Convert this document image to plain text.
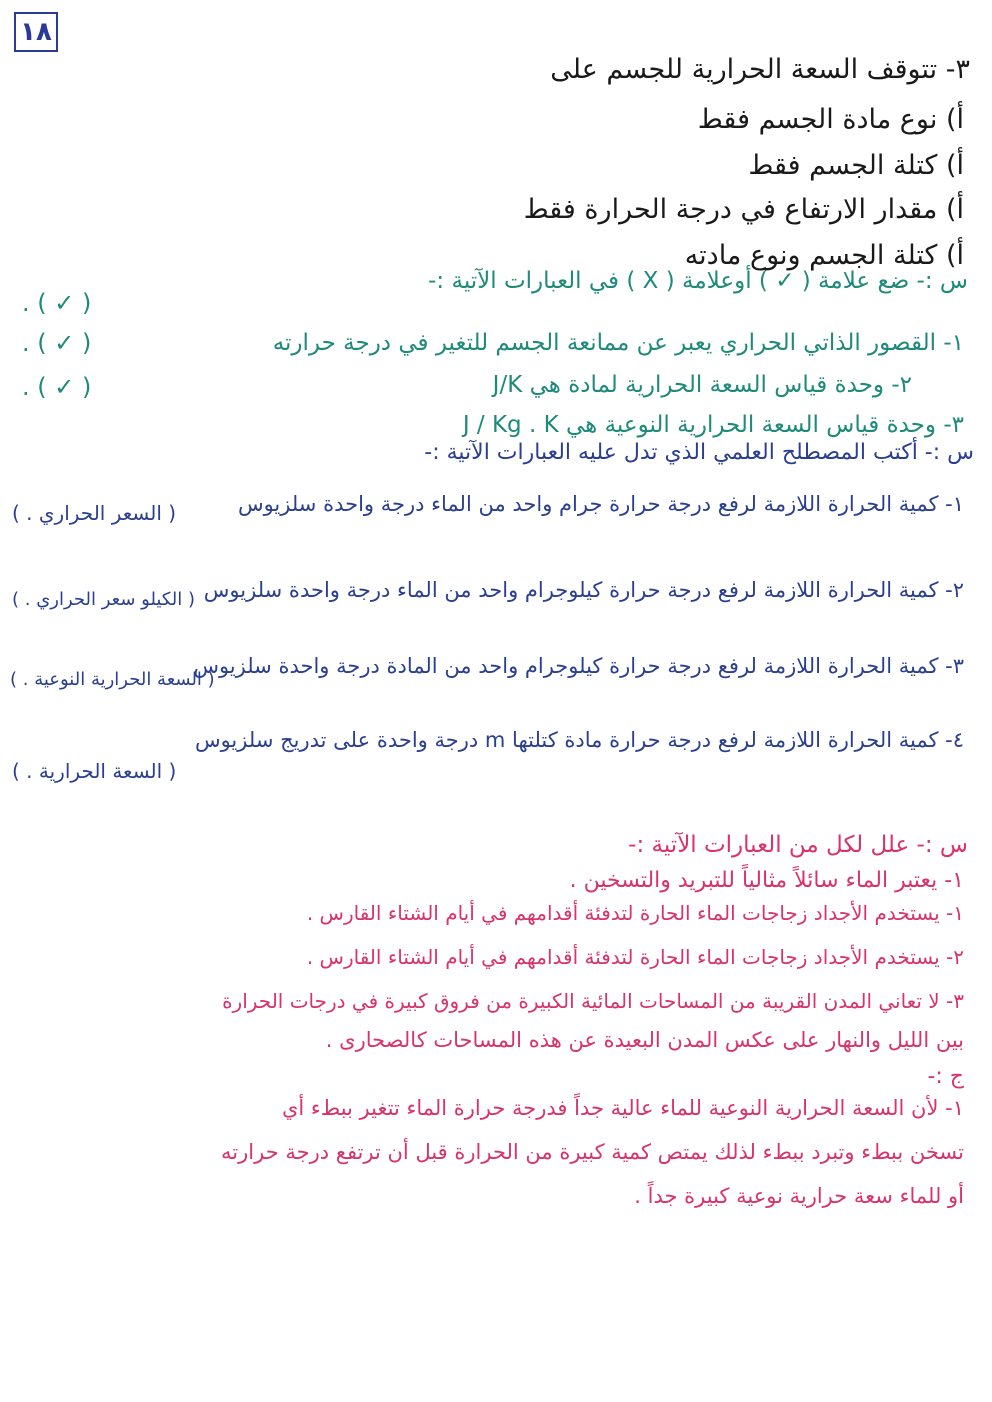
١٨
٣- تتوقف السعة الحرارية للجسم على
أ) نوع مادة الجسم فقط
أ) كتلة الجسم فقط
أ) مقدار الارتفاع في درجة الحرارة فقط
أ) كتلة الجسم ونوع مادته
س :- ضع علامة ( ✓ ) أوعلامة ( X ) في العبارات الآتية :-
١- القصور الذاتي الحراري يعبر عن ممانعة الجسم للتغير في درجة حرارته
( ✓ ) .
٢- وحدة قياس السعة الحرارية لمادة هي J/K
( ✓ ) .
٣- وحدة قياس السعة الحرارية النوعية هي J / Kg . K
( ✓ ) .
س :- أكتب المصطلح العلمي الذي تدل عليه العبارات الآتية :-
١- كمية الحرارة اللازمة لرفع درجة حرارة جرام واحد من الماء درجة واحدة سلزيوس
( السعر الحراري . )
٢- كمية الحرارة اللازمة لرفع درجة حرارة كيلوجرام واحد من الماء درجة واحدة سلزيوس
( الكيلو سعر الحراري . )
٣- كمية الحرارة اللازمة لرفع درجة حرارة كيلوجرام واحد من المادة درجة واحدة سلزيوس
( السعة الحرارية النوعية . )
٤- كمية الحرارة اللازمة لرفع درجة حرارة مادة كتلتها m درجة واحدة على تدريج سلزيوس
( السعة الحرارية . )
س :- علل لكل من العبارات الآتية :-
١- يعتبر الماء سائلاً مثالياً للتبريد والتسخين .
١- يستخدم الأجداد زجاجات الماء الحارة لتدفئة أقدامهم في أيام الشتاء القارس .
٢- يستخدم الأجداد زجاجات الماء الحارة لتدفئة أقدامهم في أيام الشتاء القارس .
٣- لا تعاني المدن القريبة من المساحات المائية الكبيرة من فروق كبيرة في درجات الحرارة
بين الليل والنهار على عكس المدن البعيدة عن هذه المساحات كالصحارى .
ج :-
١- لأن السعة الحرارية النوعية للماء عالية جداً فدرجة حرارة الماء تتغير ببطء أي
تسخن ببطء وتبرد ببطء لذلك يمتص كمية كبيرة من الحرارة قبل أن ترتفع درجة حرارته
أو للماء سعة حرارية نوعية كبيرة جداً .
